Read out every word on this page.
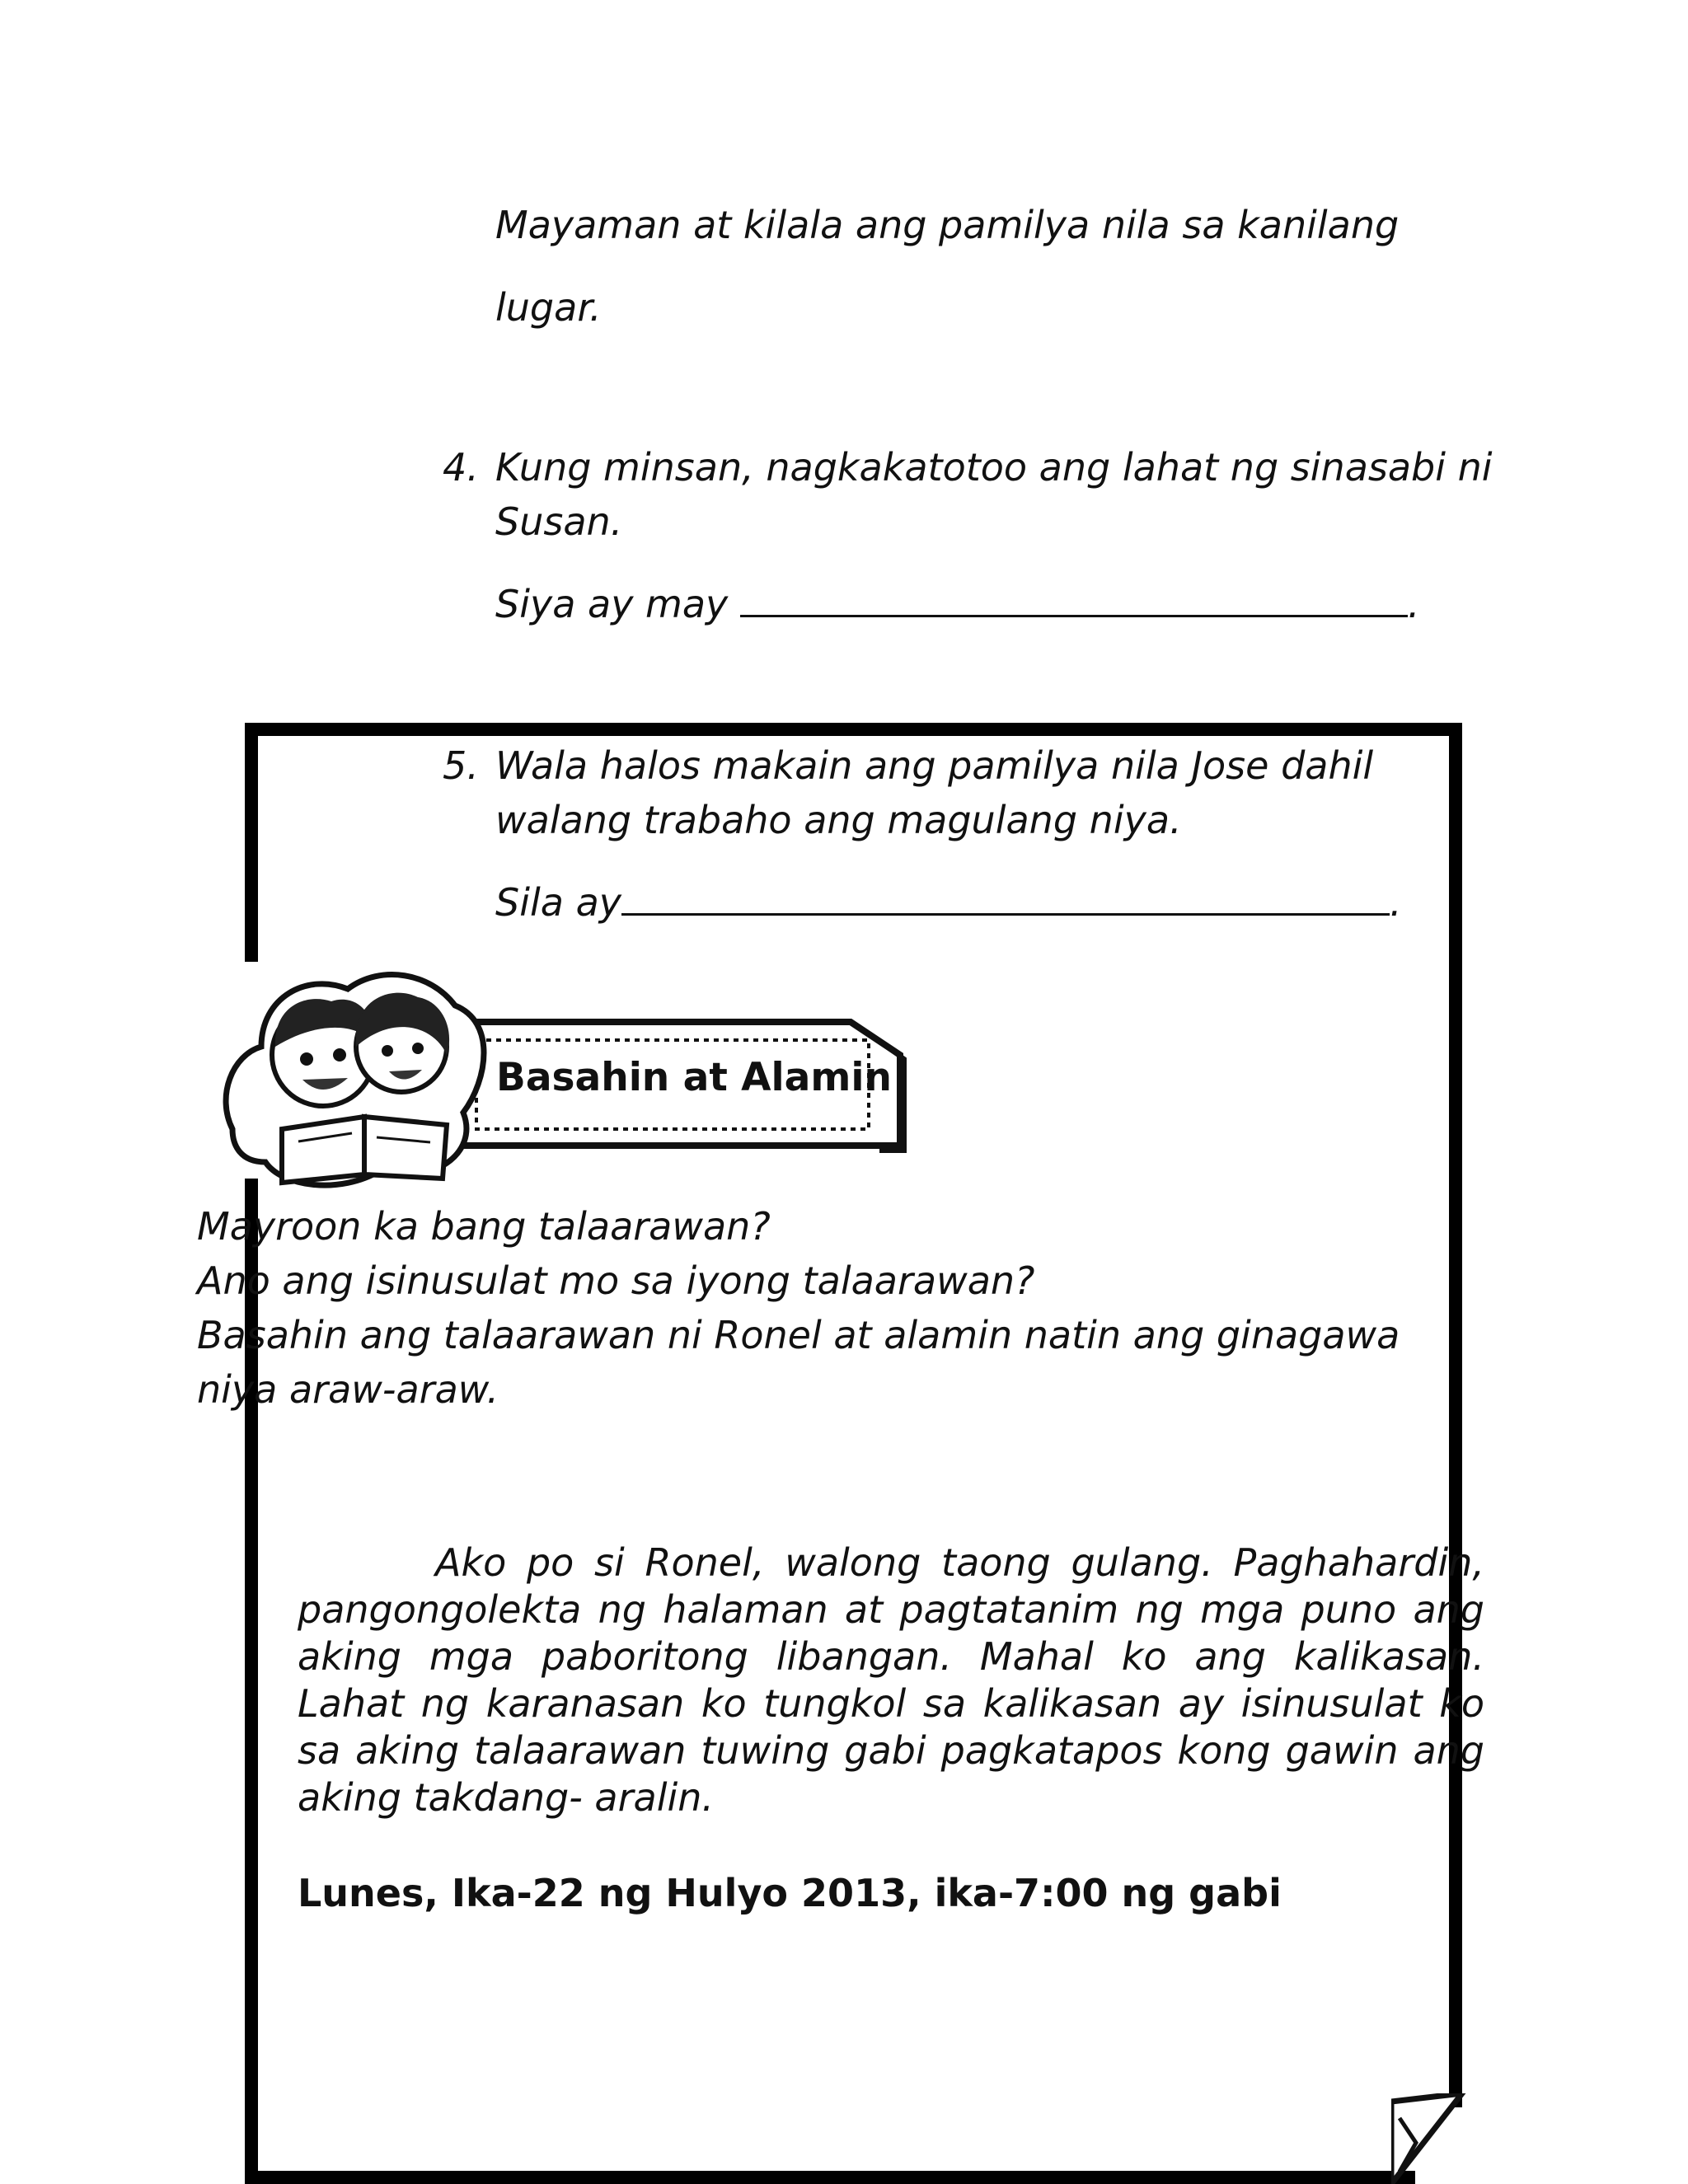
Mayaman at kilala ang pamilya nila sa kanilang
lugar.
4. Kung minsan, nagkakatotoo ang lahat ng sinasabi ni
Susan.
Siya ay may	.
5. Wala halos makain ang pamilya nila Jose dahil
walang trabaho ang magulang niya.
Sila ay	.
Basahin at Alamin
Mayroon ka bang talaarawan?
Ano ang isinusulat mo sa iyong talaarawan?
Basahin ang talaarawan ni Ronel at alamin natin ang ginagawa
niya araw-araw.

Ako po si Ronel, walong taong gulang. Paghahardin, pangongolekta ng halaman at pagtatanim ng mga puno ang aking mga paboritong libangan. Mahal ko ang kalikasan. Lahat ng karanasan ko tungkol sa kalikasan ay isinusulat ko sa aking talaarawan tuwing gabi pagkatapos kong gawin ang aking takdang- aralin.

Lunes, Ika-22 ng Hulyo 2013, ika-7:00 ng gabi
